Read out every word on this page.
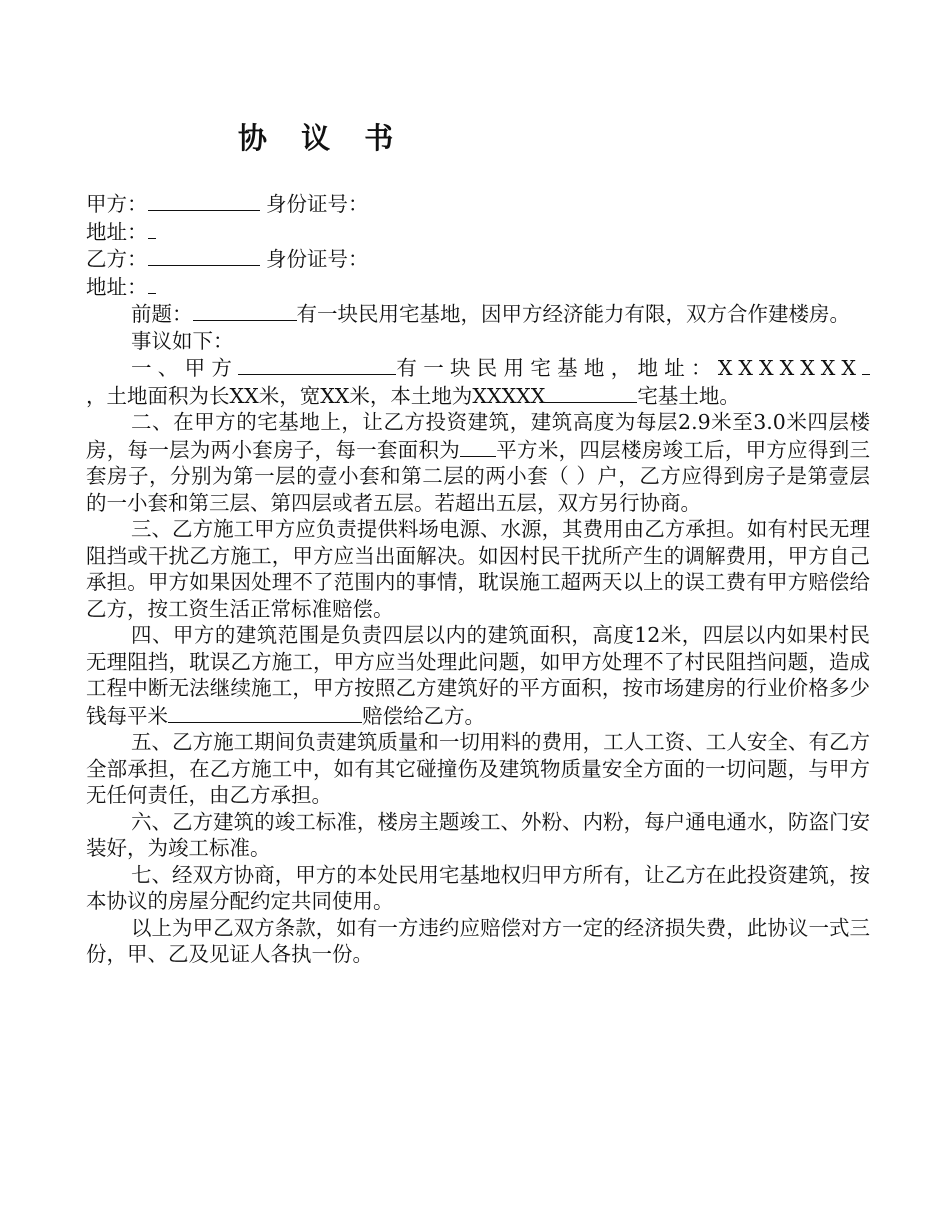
协 议 书
甲方：	身份证号：
地址：
乙方：	身份证号：
地址：

前题：	有一块民用宅基地，因甲方经济能力有限，双方合作建楼房。

事议如下：

一、甲方	有一块民用宅基地，地址：XXXXXXX，土地面积为长XX米，宽XX米，本土地为XXXXX	宅基土地。

二、在甲方的宅基地上，让乙方投资建筑，建筑高度为每层2.9米至3.0米四层楼房，每一层为两小套房子，每一套面积为 平方米，四层楼房竣工后，甲方应得到三套房子，分别为第一层的壹小套和第二层的两小套（ ）户，乙方应得到房子是第壹层的一小套和第三层、第四层或者五层。若超出五层，双方另行协商。

三、乙方施工甲方应负责提供料场电源、水源，其费用由乙方承担。如有村民无理阻挡或干扰乙方施工，甲方应当出面解决。如因村民干扰所产生的调解费用，甲方自己承担。甲方如果因处理不了范围内的事情，耽误施工超两天以上的误工费有甲方赔偿给乙方，按工资生活正常标准赔偿。

四、甲方的建筑范围是负责四层以内的建筑面积，高度12米，四层以内如果村民无理阻挡，耽误乙方施工，甲方应当处理此问题，如甲方处理不了村民阻挡问题，造成工程中断无法继续施工，甲方按照乙方建筑好的平方面积，按市场建房的行业价格多少钱每平米	赔偿给乙方。

五、乙方施工期间负责建筑质量和一切用料的费用，工人工资、工人安全、有乙方全部承担，在乙方施工中，如有其它碰撞伤及建筑物质量安全方面的一切问题，与甲方无任何责任，由乙方承担。

六、乙方建筑的竣工标准，楼房主题竣工、外粉、内粉，每户通电通水，防盗门安装好，为竣工标准。

七、经双方协商，甲方的本处民用宅基地权归甲方所有，让乙方在此投资建筑，按本协议的房屋分配约定共同使用。

以上为甲乙双方条款，如有一方违约应赔偿对方一定的经济损失费，此协议一式三份，甲、乙及见证人各执一份。
